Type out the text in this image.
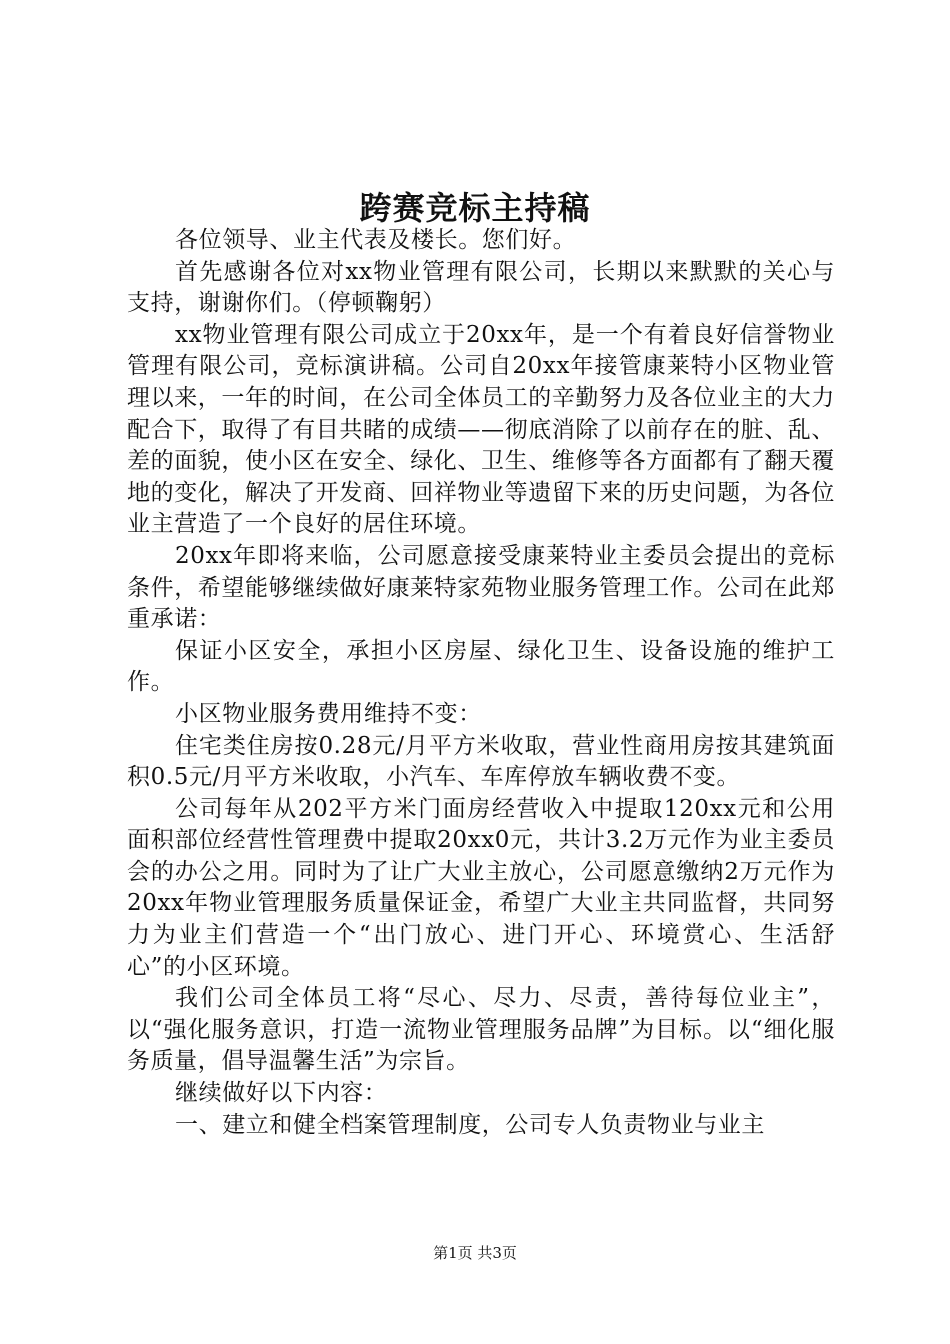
跨赛竞标主持稿

各位领导、业主代表及楼长。您们好。

首先感谢各位对xx物业管理有限公司，长期以来默默的关心与支持，谢谢你们。（停顿鞠躬）

xx物业管理有限公司成立于20xx年，是一个有着良好信誉物业管理有限公司，竞标演讲稿。公司自20xx年接管康莱特小区物业管理以来，一年的时间，在公司全体员工的辛勤努力及各位业主的大力配合下，取得了有目共睹的成绩——彻底消除了以前存在的脏、乱、差的面貌，使小区在安全、绿化、卫生、维修等各方面都有了翻天覆地的变化，解决了开发商、回祥物业等遗留下来的历史问题，为各位业主营造了一个良好的居住环境。

20xx年即将来临，公司愿意接受康莱特业主委员会提出的竞标条件，希望能够继续做好康莱特家苑物业服务管理工作。公司在此郑重承诺：

保证小区安全，承担小区房屋、绿化卫生、设备设施的维护工作。

小区物业服务费用维持不变：

住宅类住房按0.28元/月平方米收取，营业性商用房按其建筑面积0.5元/月平方米收取，小汽车、车库停放车辆收费不变。

公司每年从202平方米门面房经营收入中提取120xx元和公用面积部位经营性管理费中提取20xx0元，共计3.2万元作为业主委员会的办公之用。同时为了让广大业主放心，公司愿意缴纳2万元作为20xx年物业管理服务质量保证金，希望广大业主共同监督，共同努力为业主们营造一个“出门放心、进门开心、环境赏心、生活舒心”的小区环境。

我们公司全体员工将“尽心、尽力、尽责，善待每位业主”，以“强化服务意识，打造一流物业管理服务品牌”为目标。以“细化服务质量，倡导温馨生活”为宗旨。

继续做好以下内容：

一、建立和健全档案管理制度，公司专人负责物业与业主

第1页 共3页
